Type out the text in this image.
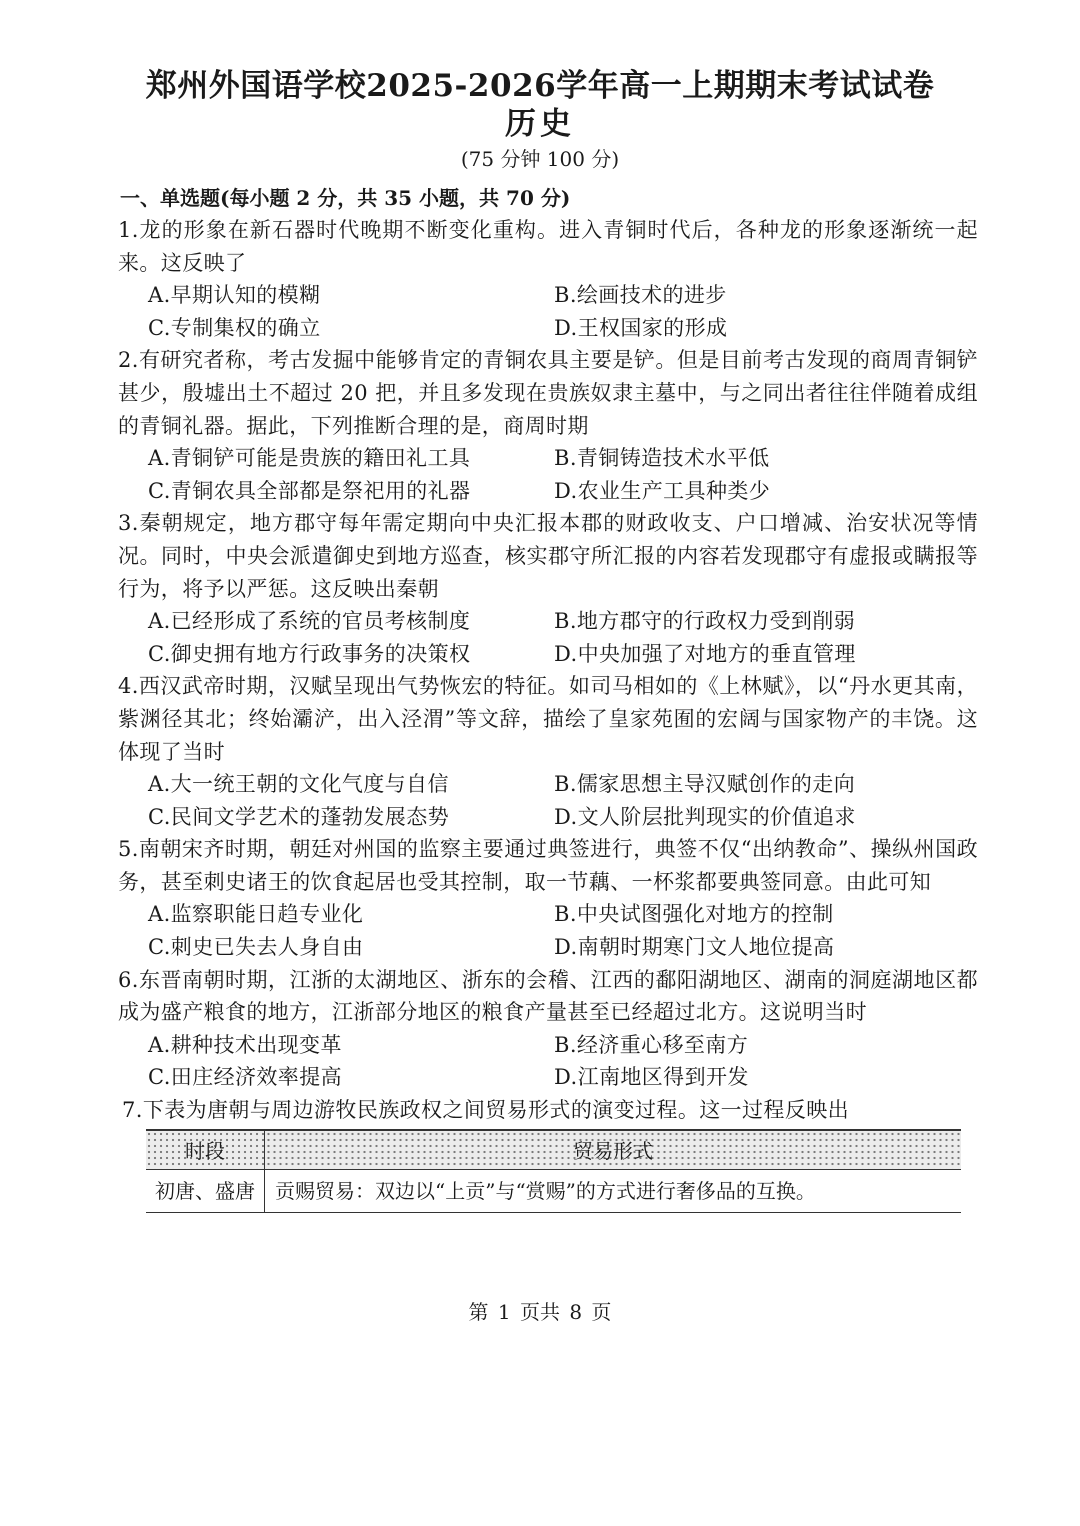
郑州外国语学校2025-2026学年高一上期期末考试试卷
历史
(75 分钟 100 分)
一、单选题(每小题 2 分，共 35 小题，共 70 分)
1.龙的形象在新石器时代晚期不断变化重构。进入青铜时代后，各种龙的形象逐渐统一起来。这反映了
A.早期认知的模糊	B.绘画技术的进步
C.专制集权的确立	D.王权国家的形成
2.有研究者称，考古发掘中能够肯定的青铜农具主要是铲。但是目前考古发现的商周青铜铲甚少，殷墟出土不超过 20 把，并且多发现在贵族奴隶主墓中，与之同出者往往伴随着成组的青铜礼器。据此，下列推断合理的是，商周时期
A.青铜铲可能是贵族的籍田礼工具	B.青铜铸造技术水平低
C.青铜农具全部都是祭祀用的礼器	D.农业生产工具种类少
3.秦朝规定，地方郡守每年需定期向中央汇报本郡的财政收支、户口增减、治安状况等情况。同时，中央会派遣御史到地方巡查，核实郡守所汇报的内容若发现郡守有虚报或瞒报等行为，将予以严惩。这反映出秦朝
A.已经形成了系统的官员考核制度	B.地方郡守的行政权力受到削弱
C.御史拥有地方行政事务的决策权	D.中央加强了对地方的垂直管理
4.西汉武帝时期，汉赋呈现出气势恢宏的特征。如司马相如的《上林赋》，以“丹水更其南，紫渊径其北；终始灞浐，出入泾渭”等文辞，描绘了皇家苑囿的宏阔与国家物产的丰饶。这体现了当时
A.大一统王朝的文化气度与自信	B.儒家思想主导汉赋创作的走向
C.民间文学艺术的蓬勃发展态势	D.文人阶层批判现实的价值追求
5.南朝宋齐时期，朝廷对州国的监察主要通过典签进行，典签不仅“出纳教命”、操纵州国政务，甚至刺史诸王的饮食起居也受其控制，取一节藕、一杯浆都要典签同意。由此可知
A.监察职能日趋专业化	B.中央试图强化对地方的控制
C.刺史已失去人身自由	D.南朝时期寒门文人地位提高
6.东晋南朝时期，江浙的太湖地区、浙东的会稽、江西的鄱阳湖地区、湖南的洞庭湖地区都成为盛产粮食的地方，江浙部分地区的粮食产量甚至已经超过北方。这说明当时
A.耕种技术出现变革	B.经济重心移至南方
C.田庄经济效率提高	D.江南地区得到开发
7.下表为唐朝与周边游牧民族政权之间贸易形式的演变过程。这一过程反映出
时段	贸易形式
初唐、盛唐	贡赐贸易：双边以“上贡”与“赏赐”的方式进行奢侈品的互换。
第 1 页共 8 页
